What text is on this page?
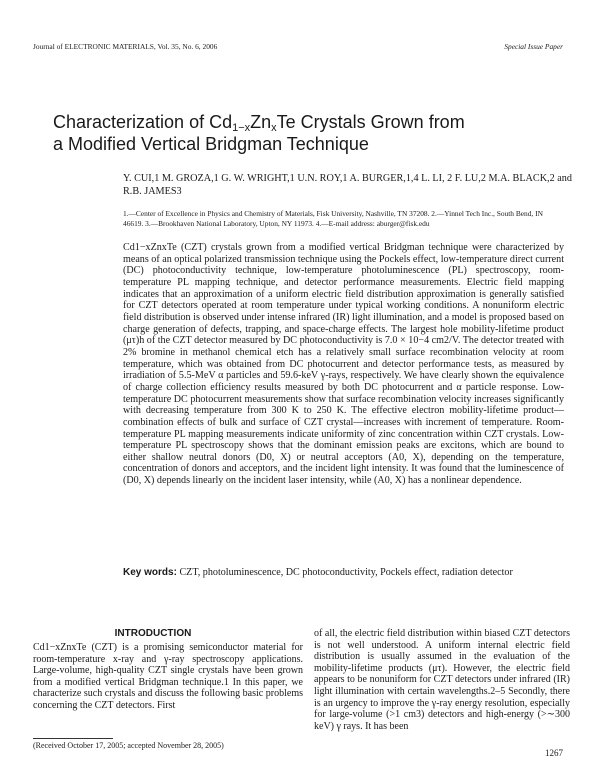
Journal of ELECTRONIC MATERIALS, Vol. 35, No. 6, 2006	Special Issue Paper
Characterization of $Cd_{1-x}Zn_xTe$ Crystals Grown from
a Modified Vertical Bridgman Technique
Y. CUI,1 M. GROZA,1 G. W. WRIGHT,1 U.N. ROY,1 A. BURGER,1,4 L. LI, 2 F. LU,2 M.A. BLACK,2 and R.B. JAMES3
1.—Center of Excellence in Physics and Chemistry of Materials, Fisk University, Nashville, TN 37208. 2.—Yinnel Tech Inc., South Bend, IN 46619. 3.—Brookhaven National Laboratory, Upton, NY 11973. 4.—E-mail address: aburger@fisk.edu

Cd1−xZnxTe (CZT) crystals grown from a modified vertical Bridgman technique were characterized by means of an optical polarized transmission technique using the Pockels effect, low-temperature direct current (DC) photoconductivity technique, low-temperature photoluminescence (PL) spectroscopy, room-temperature PL mapping technique, and detector performance measurements. Electric field mapping indicates that an approximation of a uniform electric field distribution approximation is generally satisfied for CZT detectors operated at room temperature under typical working conditions. A nonuniform electric field distribution is observed under intense infrared (IR) light illumination, and a model is proposed based on charge generation of defects, trapping, and space-charge effects. The largest hole mobility-lifetime product (μτ)h of the CZT detector measured by DC photoconductivity is 7.0 × 10−4 cm2/V. The detector treated with 2% bromine in methanol chemical etch has a relatively small surface recombination velocity at room temperature, which was obtained from DC photocurrent and detector performance tests, as measured by irradiation of 5.5-MeV α particles and 59.6-keV γ-rays, respectively. We have clearly shown the equivalence of charge collection efficiency results measured by both DC photocurrent and α particle response. Low-temperature DC photocurrent measurements show that surface recombination velocity increases significantly with decreasing temperature from 300 K to 250 K. The effective electron mobility-lifetime product—combination effects of bulk and surface of CZT crystal—increases with increment of temperature. Room-temperature PL mapping measurements indicate uniformity of zinc concentration within CZT crystals. Low-temperature PL spectroscopy shows that the dominant emission peaks are excitons, which are bound to either shallow neutral donors (D0, X) or neutral acceptors (A0, X), depending on the temperature, concentration of donors and acceptors, and the incident light intensity. It was found that the luminescence of (D0, X) depends linearly on the incident laser intensity, while (A0, X) has a nonlinear dependence.

Key words: CZT, photoluminescence, DC photoconductivity, Pockels effect, radiation detector
INTRODUCTION

Cd1−xZnxTe (CZT) is a promising semiconductor material for room-temperature x-ray and γ-ray spectroscopy applications. Large-volume, high-quality CZT single crystals have been grown from a modified vertical Bridgman technique.1 In this paper, we characterize such crystals and discuss the following basic problems concerning the CZT detectors. First

of all, the electric field distribution within biased CZT detectors is not well understood. A uniform internal electric field distribution is usually assumed in the evaluation of the mobility-lifetime products (μτ). However, the electric field appears to be nonuniform for CZT detectors under infrared (IR) light illumination with certain wavelengths.2–5 Secondly, there is an urgency to improve the γ-ray energy resolution, especially for large-volume (>1 cm3) detectors and high-energy (>∼300 keV) γ rays. It has been

(Received October 17, 2005; accepted November 28, 2005)
1267
